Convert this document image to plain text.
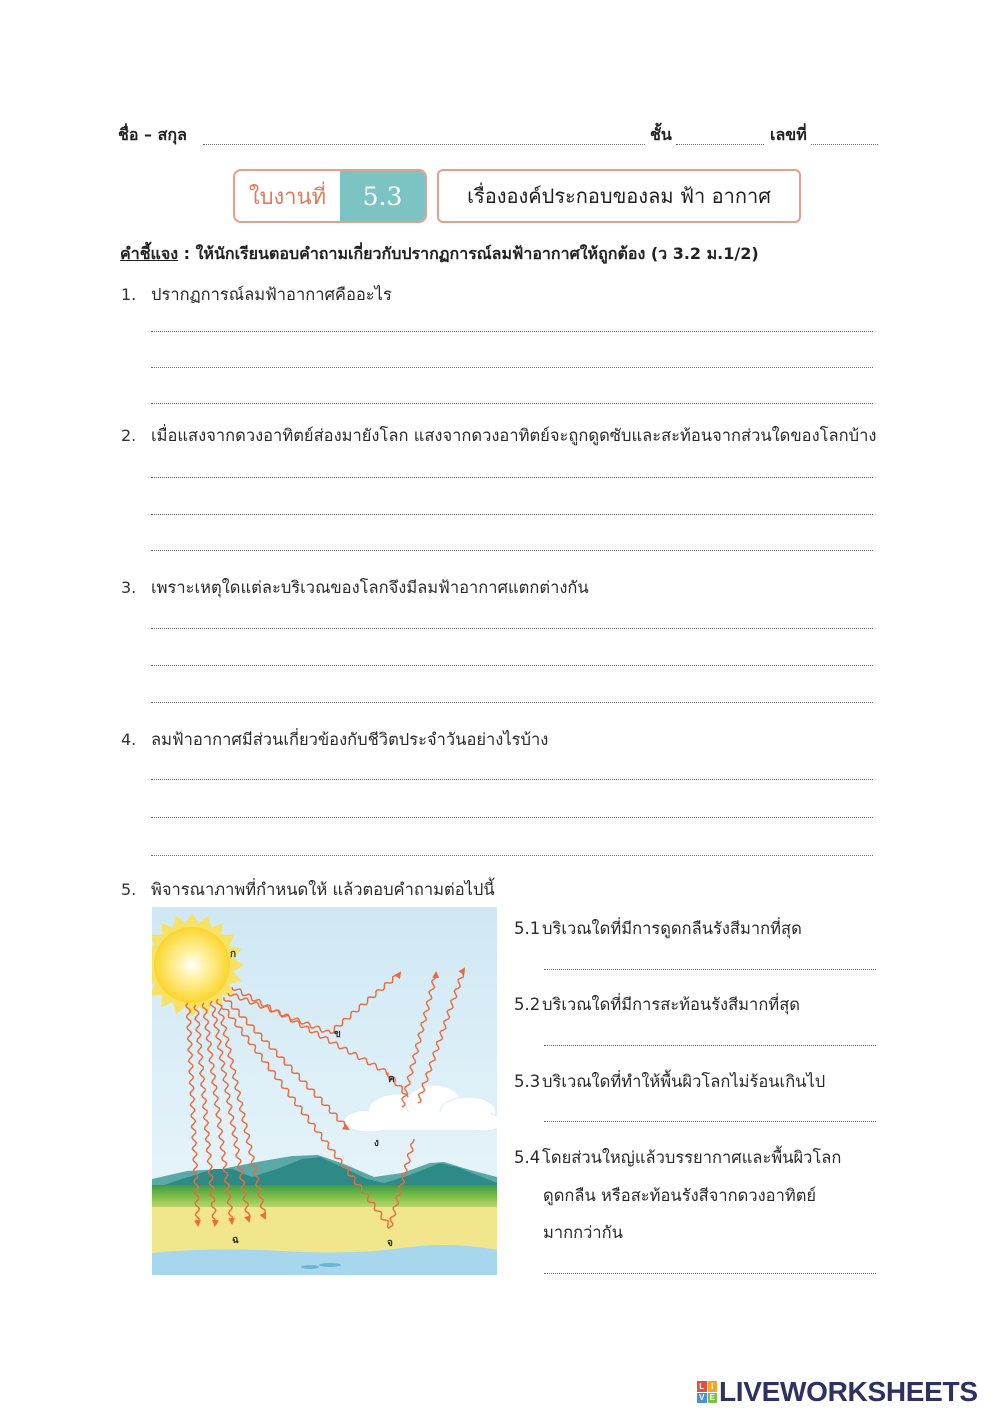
ชื่อ – สกุล	ชั้น	เลขที่
ใบงานที่	5.3	เรื่ององค์ประกอบของลม ฟ้า อากาศ
คำชี้แจง : ให้นักเรียนตอบคำถามเกี่ยวกับปรากฏการณ์ลมฟ้าอากาศให้ถูกต้อง (ว 3.2 ม.1/2)
1. ปรากฏการณ์ลมฟ้าอากาศคืออะไร
2. เมื่อแสงจากดวงอาทิตย์ส่องมายังโลก แสงจากดวงอาทิตย์จะถูกดูดซับและสะท้อนจากส่วนใดของโลกบ้าง
3. เพราะเหตุใดแต่ละบริเวณของโลกจึงมีลมฟ้าอากาศแตกต่างกัน
4. ลมฟ้าอากาศมีส่วนเกี่ยวข้องกับชีวิตประจำวันอย่างไรบ้าง
5. พิจารณาภาพที่กำหนดให้ แล้วตอบคำถามต่อไปนี้
ก
ข
ค
ง
จ
ฉ
5.1 บริเวณใดที่มีการดูดกลืนรังสีมากที่สุด
5.2 บริเวณใดที่มีการสะท้อนรังสีมากที่สุด
5.3 บริเวณใดที่ทำให้พื้นผิวโลกไม่ร้อนเกินไป
5.4 โดยส่วนใหญ่แล้วบรรยากาศและพื้นผิวโลก
ดูดกลืน หรือสะท้อนรังสีจากดวงอาทิตย์
มากกว่ากัน
L I
V E LIVEWORKSHEETS
